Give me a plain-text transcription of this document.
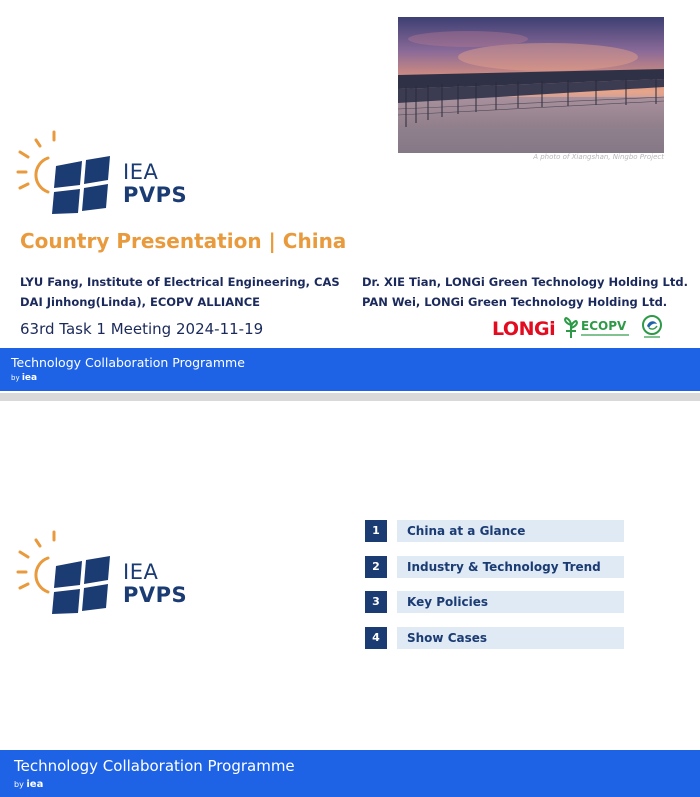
A photo of Xiangshan, Ningbo Project
IEA
PVPS
Country Presentation | China
LYU Fang, Institute of Electrical Engineering, CAS
DAI Jinhong(Linda), ECOPV ALLIANCE
Dr. XIE Tian, LONGi Green Technology Holding Ltd.
PAN Wei, LONGi Green Technology Holding Ltd.
63rd Task 1 Meeting 2024-11-19	LONGi ECOPV
Technology Collaboration Programme
by iea
IEA
PVPS
1	China at a Glance
2	Industry & Technology Trend
3	Key Policies
4	Show Cases
Technology Collaboration Programme
by iea
